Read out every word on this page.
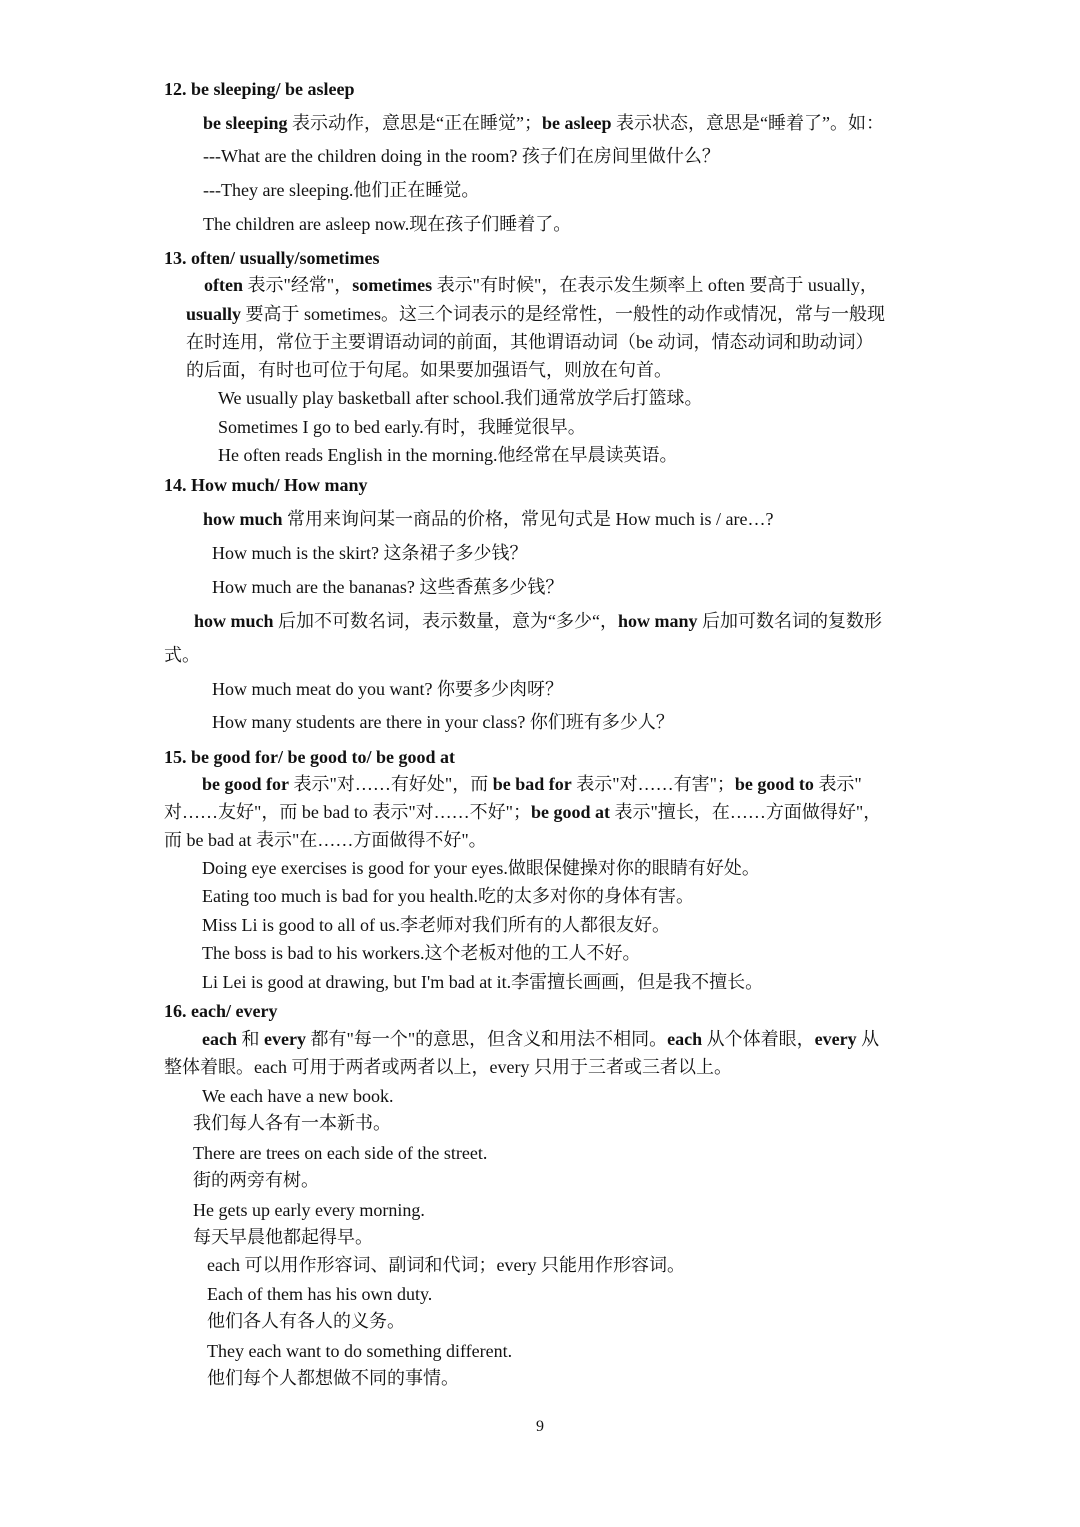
12. be sleeping/ be asleep
be sleeping 表示动作，意思是“正在睡觉”；be asleep 表示状态，意思是“睡着了”。如：
---What are the children doing in the room? 孩子们在房间里做什么？
---They are sleeping.他们正在睡觉。
The children are asleep now.现在孩子们睡着了。
13. often/ usually/sometimes
often 表示"经常"，sometimes 表示"有时候"，在表示发生频率上 often 要高于 usually，
usually 要高于 sometimes。这三个词表示的是经常性，一般性的动作或情况，常与一般现
在时连用，常位于主要谓语动词的前面，其他谓语动词（be 动词，情态动词和助动词）
的后面，有时也可位于句尾。如果要加强语气，则放在句首。
We usually play basketball after school.我们通常放学后打篮球。
Sometimes I go to bed early.有时，我睡觉很早。
He often reads English in the morning.他经常在早晨读英语。
14. How much/ How many
how much 常用来询问某一商品的价格，常见句式是 How much is / are…?
How much is the skirt? 这条裙子多少钱？
How much are the bananas? 这些香蕉多少钱？
how much 后加不可数名词，表示数量，意为“多少“，how many 后加可数名词的复数形
式。
How much meat do you want? 你要多少肉呀？
How many students are there in your class? 你们班有多少人？
15. be good for/ be good to/ be good at
be good for 表示"对……有好处"，而 be bad for 表示"对……有害"；be good to 表示"
对……友好"，而 be bad to 表示"对……不好"；be good at 表示"擅长，在……方面做得好"，
而 be bad at 表示"在……方面做得不好"。
Doing eye exercises is good for your eyes.做眼保健操对你的眼睛有好处。
Eating too much is bad for you health.吃的太多对你的身体有害。
Miss Li is good to all of us.李老师对我们所有的人都很友好。
The boss is bad to his workers.这个老板对他的工人不好。
Li Lei is good at drawing, but I'm bad at it.李雷擅长画画，但是我不擅长。
16. each/ every
each 和 every 都有"每一个"的意思，但含义和用法不相同。each 从个体着眼，every 从
整体着眼。each 可用于两者或两者以上，every 只用于三者或三者以上。
We each have a new book.
我们每人各有一本新书。
There are trees on each side of the street.
街的两旁有树。
He gets up early every morning.
每天早晨他都起得早。
each 可以用作形容词、副词和代词；every 只能用作形容词。
Each of them has his own duty.
他们各人有各人的义务。
They each want to do something different.
他们每个人都想做不同的事情。
9
